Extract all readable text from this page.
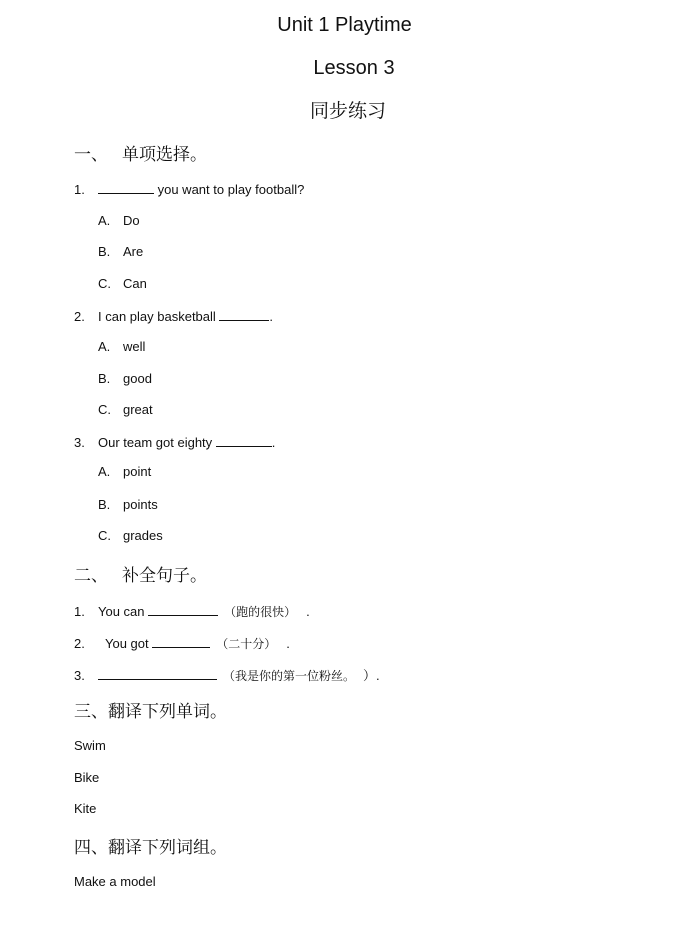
Unit 1 Playtime
Lesson 3
同步练习
一、 单项选择。
1.	you want to play football?
A. Do
B. Are
C. Can
2. I can play basketball	.
A. well
B. good
C. great
3. Our team got eighty	.
A. point
B. points
C. grades
二、 补全句子。
1. You can	（跑的很快） .
2. You got	（二十分） .
3.	（我是你的第一位粉丝。 ）.
三、翻译下列单词。
Swim
Bike
Kite
四、翻译下列词组。
Make a model
